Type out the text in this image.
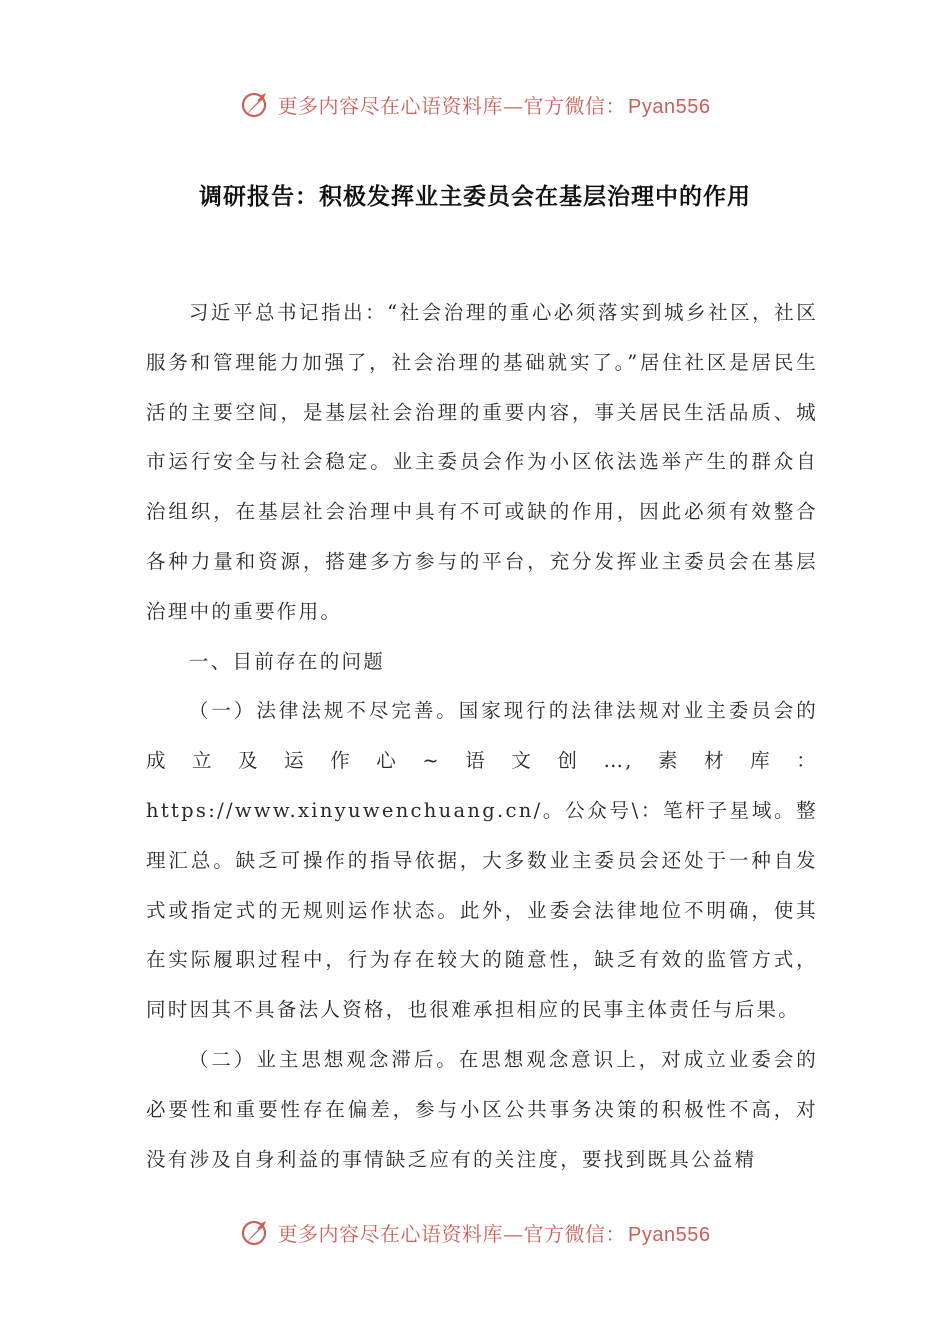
更多内容尽在心语资料库—官方微信： Pyan556
调研报告：积极发挥业主委员会在基层治理中的作用

习近平总书记指出：“社会治理的重心必须落实到城乡社区，社区服务和管理能力加强了，社会治理的基础就实了。”居住社区是居民生活的主要空间，是基层社会治理的重要内容，事关居民生活品质、城市运行安全与社会稳定。业主委员会作为小区依法选举产生的群众自治组织，在基层社会治理中具有不可或缺的作用，因此必须有效整合各种力量和资源，搭建多方参与的平台，充分发挥业主委员会在基层治理中的重要作用。

一、目前存在的问题

（一）法律法规不尽完善。国家现行的法律法规对业主委员会的成立及运作心~语文创…,素材库：https://www.xinyuwenchuang.cn/。公众号\：笔杆子星域。整理汇总。缺乏可操作的指导依据，大多数业主委员会还处于一种自发式或指定式的无规则运作状态。此外，业委会法律地位不明确，使其在实际履职过程中，行为存在较大的随意性，缺乏有效的监管方式，同时因其不具备法人资格，也很难承担相应的民事主体责任与后果。

（二）业主思想观念滞后。在思想观念意识上，对成立业委会的必要性和重要性存在偏差，参与小区公共事务决策的积极性不高，对没有涉及自身利益的事情缺乏应有的关注度，要找到既具公益精

更多内容尽在心语资料库—官方微信： Pyan556
